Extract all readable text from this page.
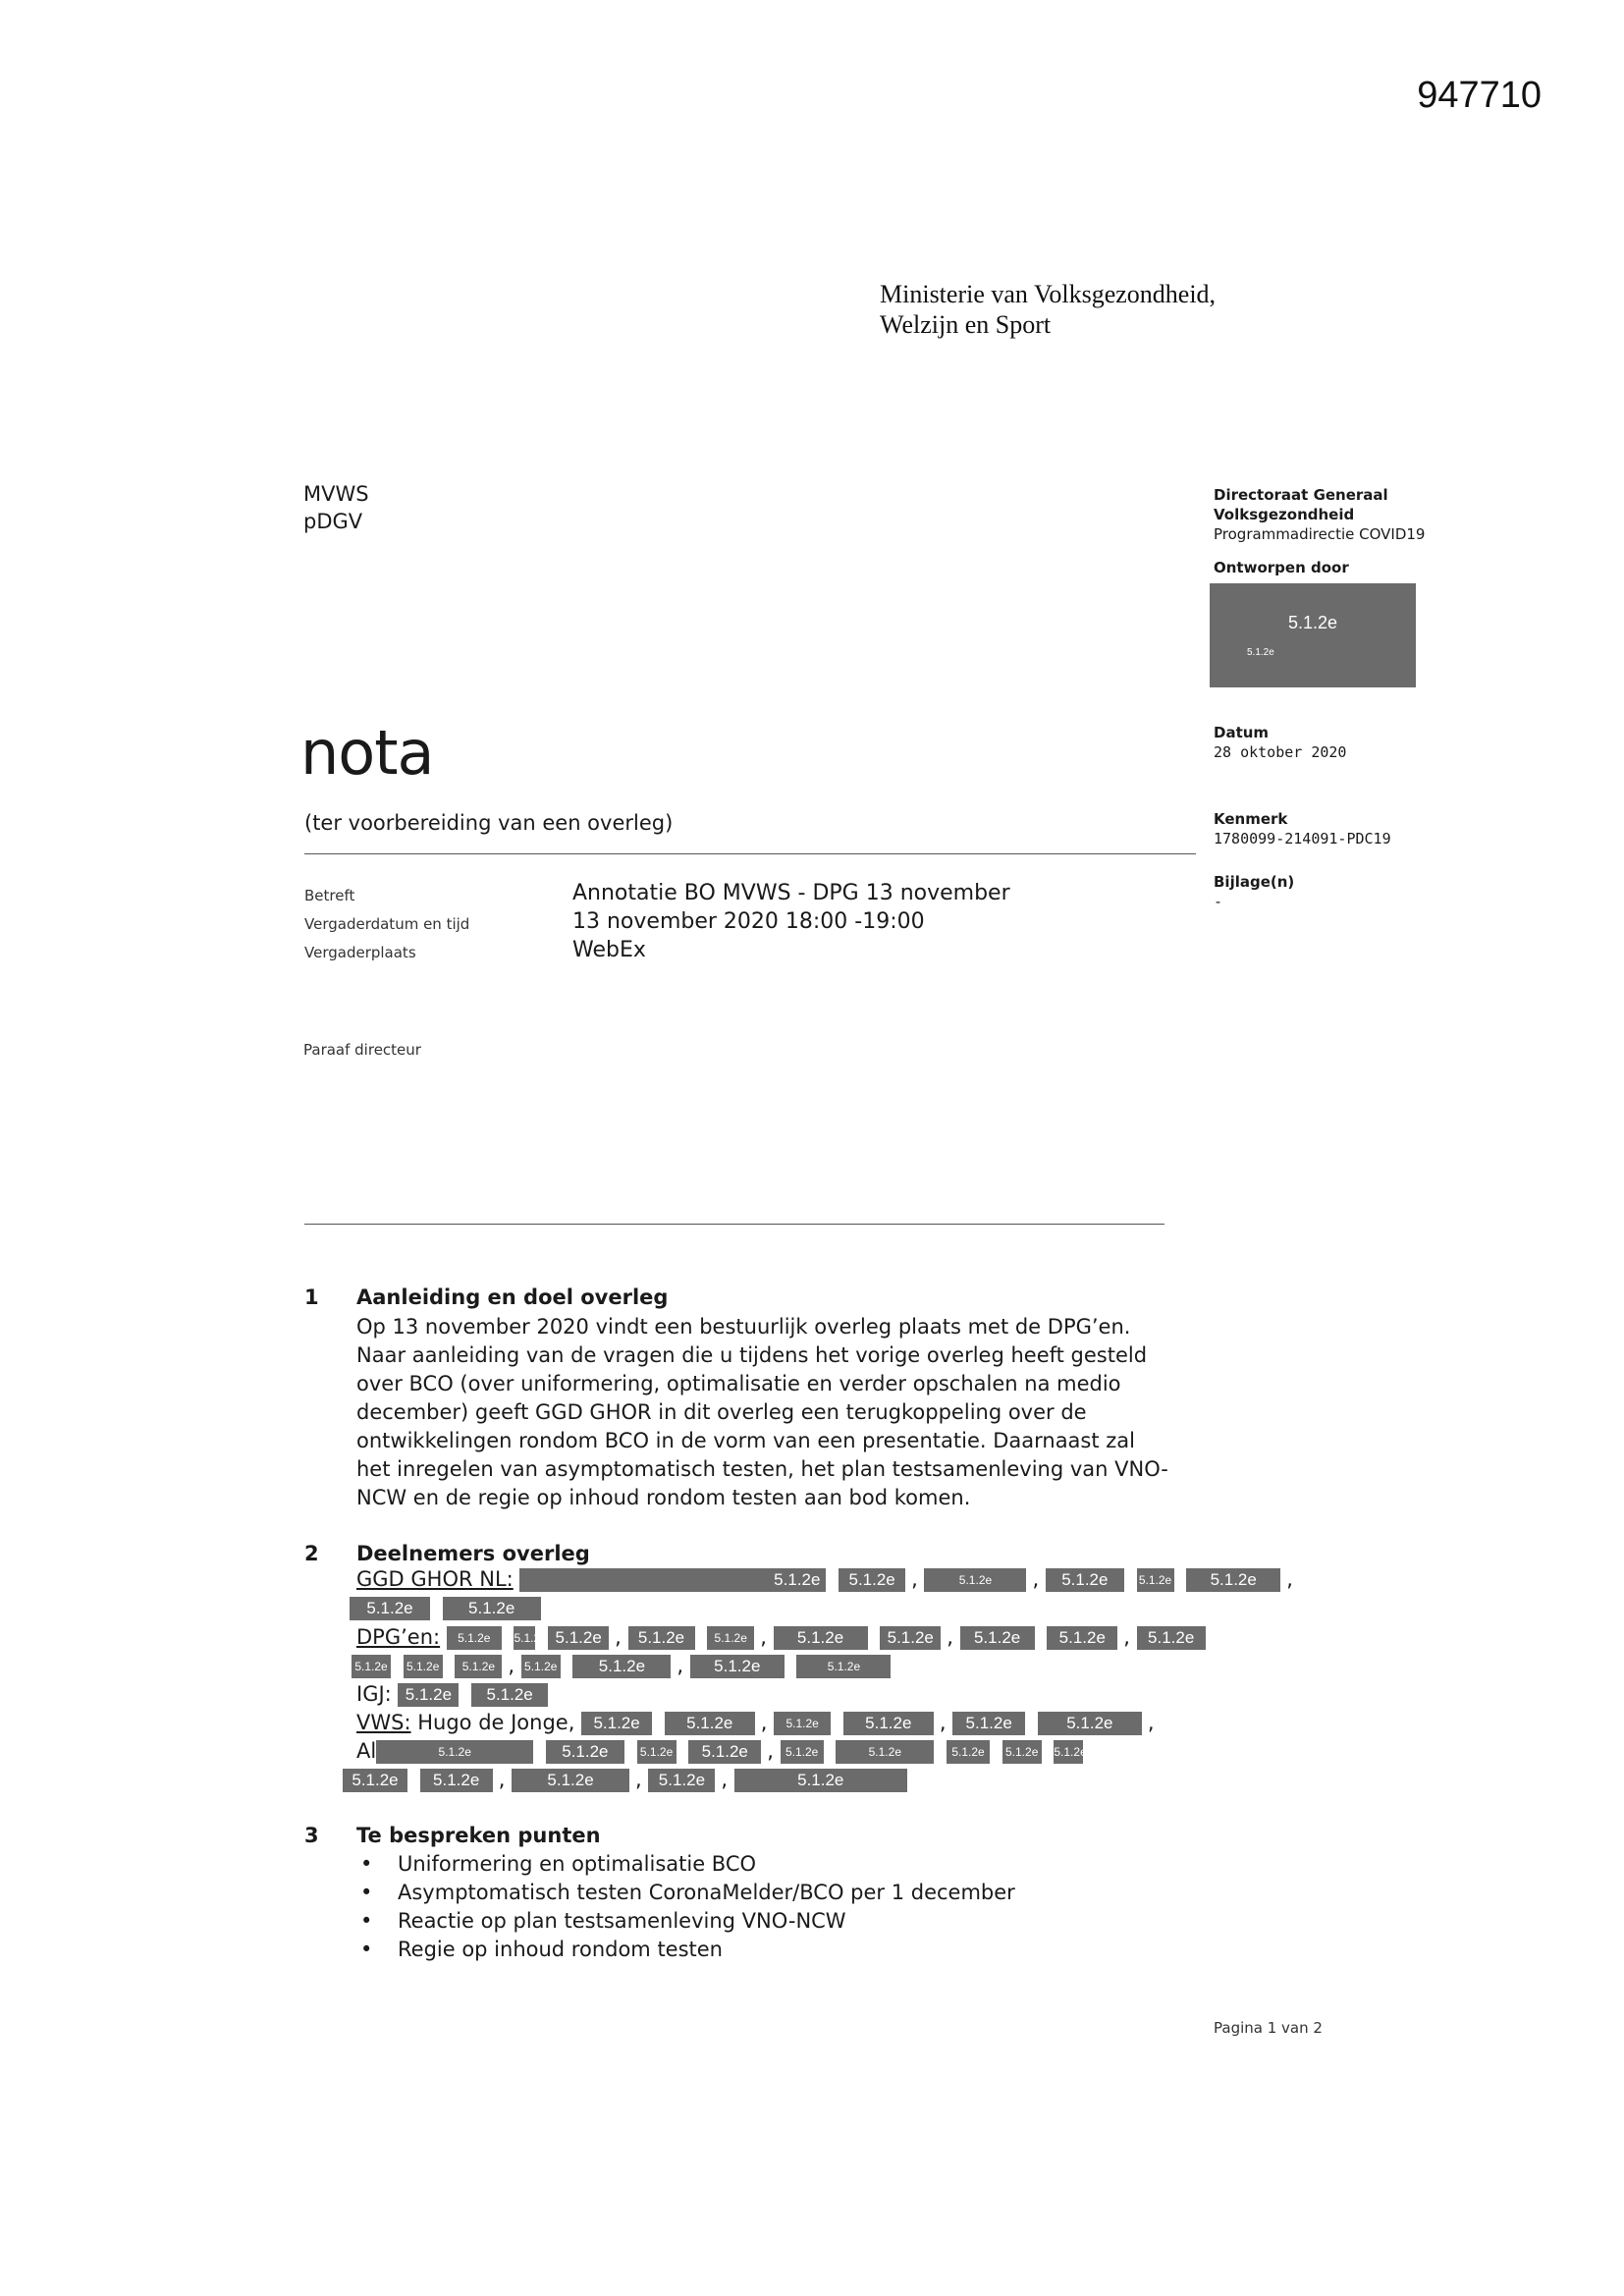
947710
Ministerie van Volksgezondheid,
Welzijn en Sport
MVWS
pDGV
Directoraat Generaal
Volksgezondheid
Programmadirectie COVID19
Ontworpen door
5.1.2e
5.1.2e
Datum
28 oktober 2020
Kenmerk
1780099-214091-PDC19
Bijlage(n)
-
nota
(ter voorbereiding van een overleg)
Betreft	Annotatie BO MVWS - DPG 13 november
Vergaderdatum en tijd	13 november 2020 18:00 -19:00
Vergaderplaats	WebEx
Paraaf directeur
1 Aanleiding en doel overleg

Op 13 november 2020 vindt een bestuurlijk overleg plaats met de DPG’en.

Naar aanleiding van de vragen die u tijdens het vorige overleg heeft gesteld

over BCO (over uniformering, optimalisatie en verder opschalen na medio

december) geeft GGD GHOR in dit overleg een terugkoppeling over de

ontwikkelingen rondom BCO in de vorm van een presentatie. Daarnaast zal

het inregelen van asymptomatisch testen, het plan testsamenleving van VNO-

NCW en de regie op inhoud rondom testen aan bod komen.

2 Deelnemers overleg
GGD GHOR NL:	5.1.2e 5.1.2e ,	5.1.2e , 5.1.2e	5.1.2e 5.1.2e ,
5.1.2e	5.1.2e
DPG’en: 5.1.2e 5.1.2e 5.1.2e , 5.1.2e	5.1.2e , 5.1.2e	5.1.2e , 5.1.2e 5.1.2e , 5.1.2e
5.1.2e 5.1.2e 5.1.2e , 5.1.2e 5.1.2e , 5.1.2e	5.1.2e
IGJ: 5.1.2e 5.1.2e
VWS: Hugo de Jonge, 5.1.2e	5.1.2e , 5.1.2e	5.1.2e , 5.1.2e	5.1.2e ,
Al	5.1.2e	5.1.2e	5.1.2e 5.1.2e , 5.1.2e	5.1.2e	5.1.2e 5.1.2e 5.1.2e
5.1.2e 5.1.2e , 5.1.2e , 5.1.2e ,	5.1.2e
3 Te bespreken punten
• Uniformering en optimalisatie BCO
• Asymptomatisch testen CoronaMelder/BCO per 1 december
• Reactie op plan testsamenleving VNO-NCW
• Regie op inhoud rondom testen
Pagina 1 van 2
